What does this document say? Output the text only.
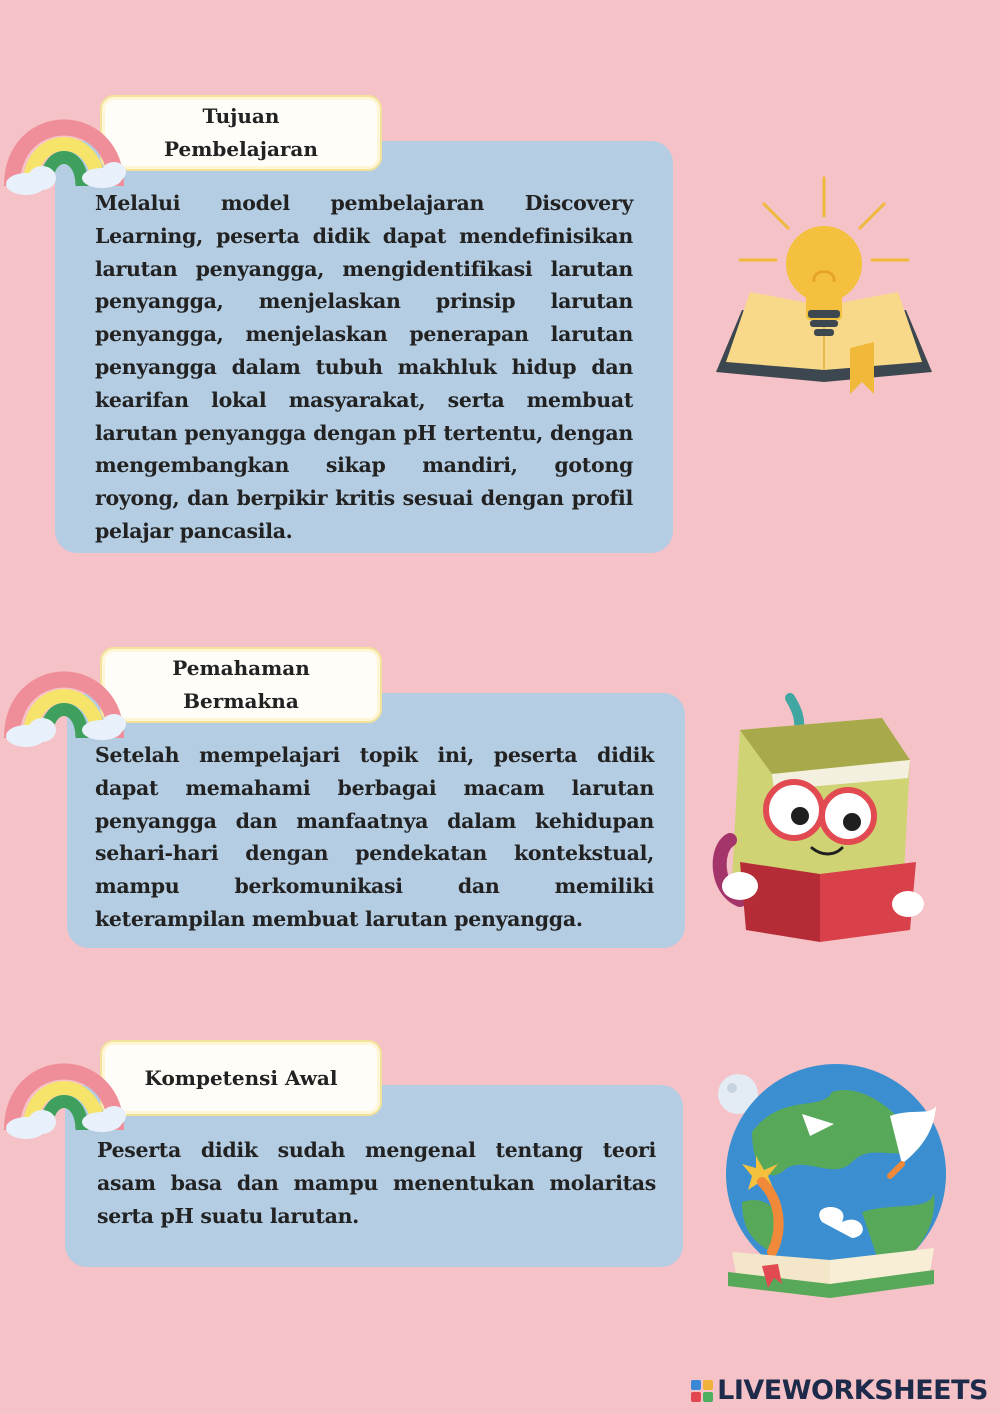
Melalui model pembelajaran Discovery Learning, peserta didik dapat mendefinisikan larutan penyangga, mengidentifikasi larutan penyangga, menjelaskan prinsip larutan penyangga, menjelaskan penerapan larutan penyangga dalam tubuh makhluk hidup dan kearifan lokal masyarakat, serta membuat larutan penyangga dengan pH tertentu, dengan mengembangkan sikap mandiri, gotong royong, dan berpikir kritis sesuai dengan profil pelajar pancasila.
Tujuan
Pembelajaran
Setelah mempelajari topik ini, peserta didik dapat memahami berbagai macam larutan penyangga dan manfaatnya dalam kehidupan sehari-hari dengan pendekatan kontekstual, mampu berkomunikasi dan memiliki keterampilan membuat larutan penyangga.
Pemahaman
Bermakna
Peserta didik sudah mengenal tentang teori asam basa dan mampu menentukan molaritas serta pH suatu larutan.
Kompetensi Awal
LIVEWORKSHEETS
